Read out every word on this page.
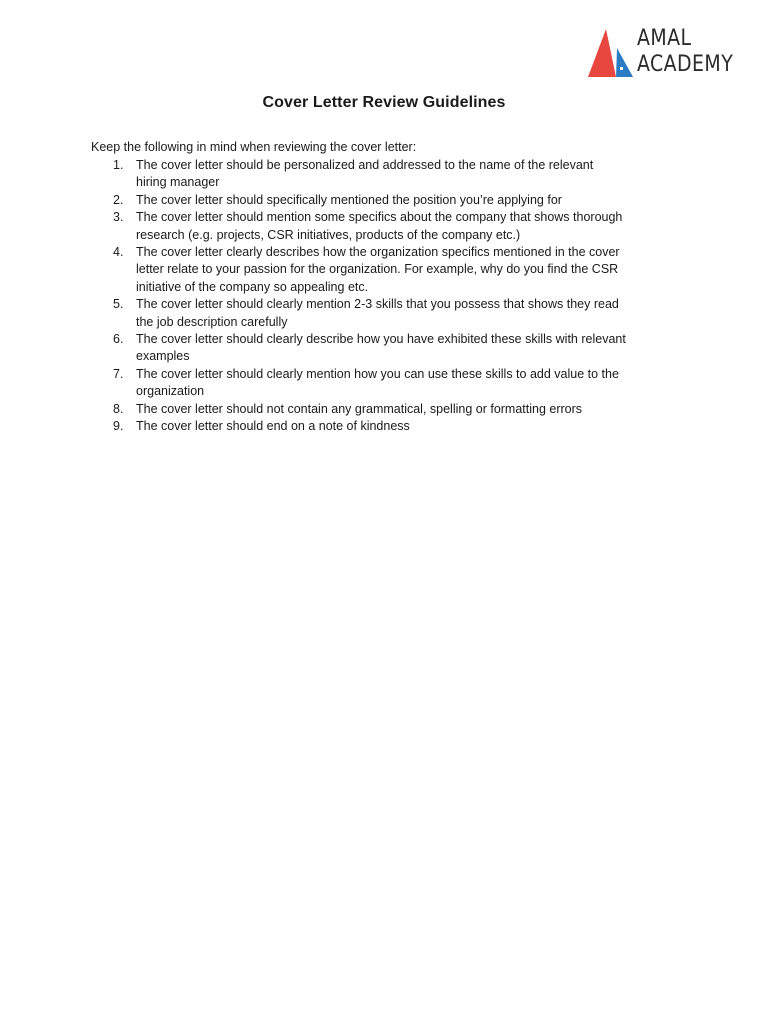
AMAL
ACADEMY
Cover Letter Review Guidelines

Keep the following in mind when reviewing the cover letter:

1. The cover letter should be personalized and addressed to the name of the relevant
hiring manager
2. The cover letter should specifically mentioned the position you’re applying for
3. The cover letter should mention some specifics about the company that shows thorough
research (e.g. projects, CSR initiatives, products of the company etc.)
4. The cover letter clearly describes how the organization specifics mentioned in the cover
letter relate to your passion for the organization. For example, why do you find the CSR
initiative of the company so appealing etc.
5. The cover letter should clearly mention 2-3 skills that you possess that shows they read
the job description carefully
6. The cover letter should clearly describe how you have exhibited these skills with relevant
examples
7. The cover letter should clearly mention how you can use these skills to add value to the
organization
8. The cover letter should not contain any grammatical, spelling or formatting errors
9. The cover letter should end on a note of kindness
